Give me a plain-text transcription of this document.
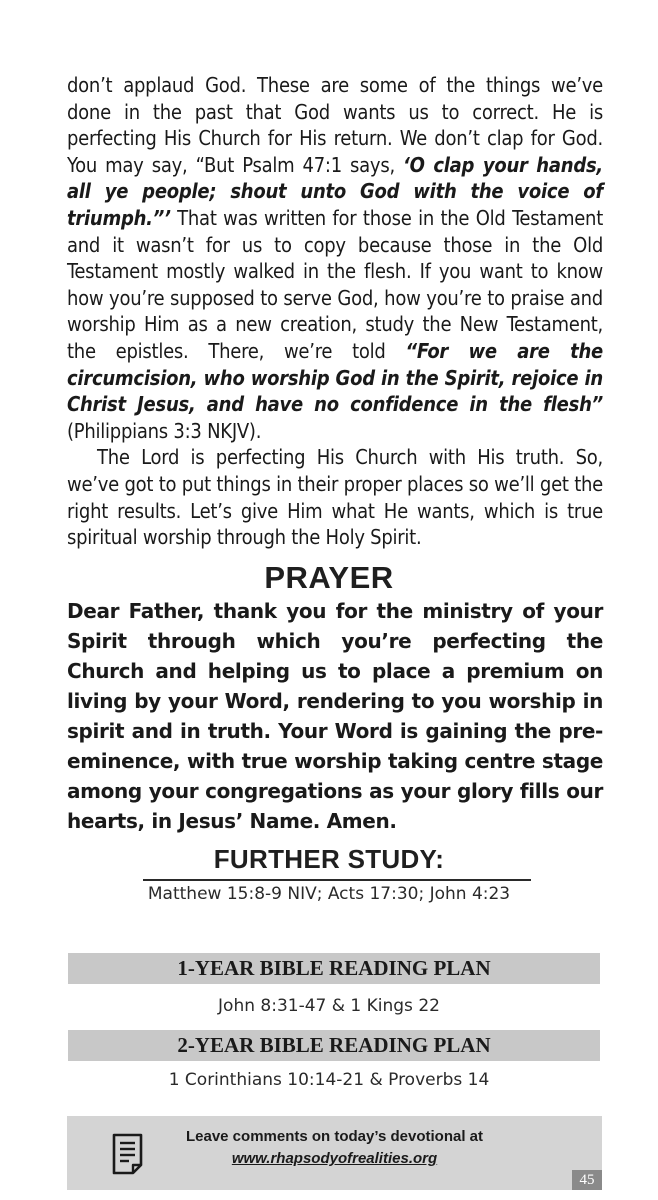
don’t applaud God. These are some of the things we’ve done in the past that God wants us to correct. He is perfecting His Church for His return. We don’t clap for God. You may say, “But Psalm 47:1 says, ‘O clap your hands, all ye people; shout unto God with the voice of triumph.”’ That was written for those in the Old Testament and it wasn’t for us to copy because those in the Old Testament mostly walked in the flesh. If you want to know how you’re supposed to serve God, how you’re to praise and worship Him as a new creation, study the New Testament, the epistles. There, we’re told “For we are the circumcision, who worship God in the Spirit, rejoice in Christ Jesus, and have no confidence in the flesh” (Philippians 3:3 NKJV).

The Lord is perfecting His Church with His truth. So, we’ve got to put things in their proper places so we’ll get the right results. Let’s give Him what He wants, which is true spiritual worship through the Holy Spirit.

PRAYER

Dear Father, thank you for the ministry of your Spirit through which you’re perfecting the Church and helping us to place a premium on living by your Word, rendering to you worship in spirit and in truth. Your Word is gaining the pre-eminence, with true worship taking centre stage among your congregations as your glory fills our hearts, in Jesus’ Name. Amen.

FURTHER STUDY:

Matthew 15:8-9 NIV; Acts 17:30; John 4:23

1-YEAR BIBLE READING PLAN
John 8:31-47 & 1 Kings 22
2-YEAR BIBLE READING PLAN
1 Corinthians 10:14-21 & Proverbs 14
Leave comments on today’s devotional at
www.rhapsodyofrealities.org
45
